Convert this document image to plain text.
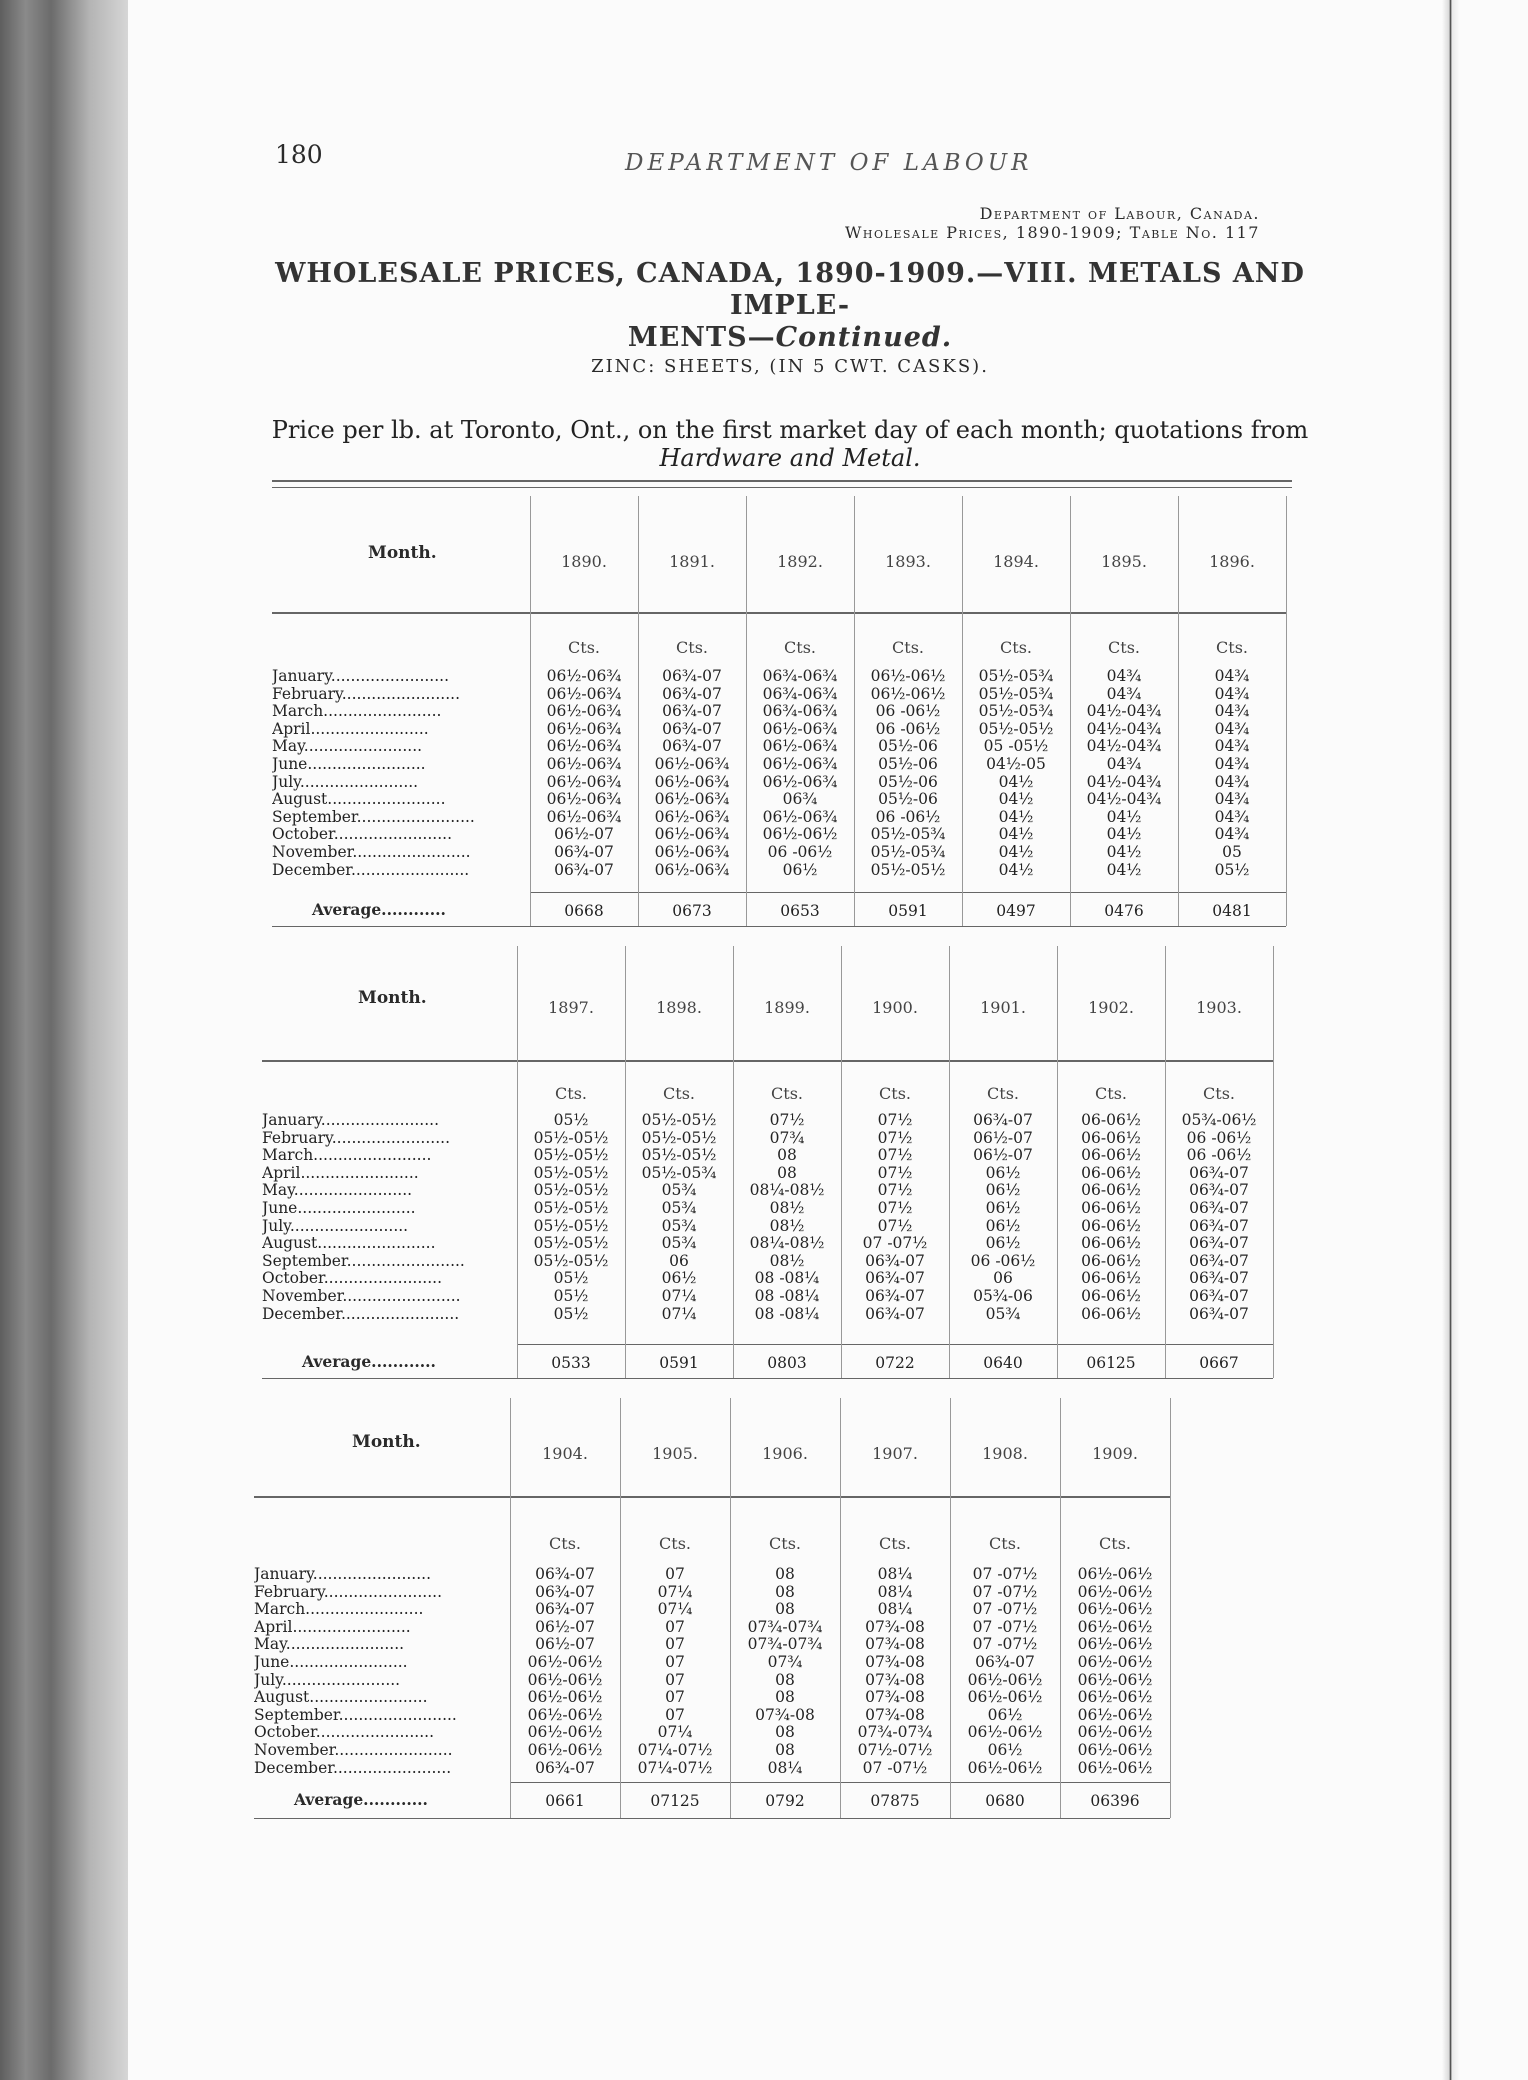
180	DEPARTMENT OF LABOUR
Department of Labour, Canada.
Wholesale Prices, 1890-1909; Table No. 117
WHOLESALE PRICES, CANADA, 1890-1909.—VIII. METALS AND IMPLE-
MENTS—Continued.
ZINC: SHEETS, (IN 5 CWT. CASKS).
Price per lb. at Toronto, Ont., on the first market day of each month; quotations from
Hardware and Metal.
Month.
January........................
February........................
March........................
April........................
May........................
June........................
July........................
August........................
September........................
October........................
November........................
December........................
Average............
1890.
Cts.
06½-06¾
06½-06¾
06½-06¾
06½-06¾
06½-06¾
06½-06¾
06½-06¾
06½-06¾
06½-06¾
06½-07
06¾-07
06¾-07
0668
1891.
Cts.
06¾-07
06¾-07
06¾-07
06¾-07
06¾-07
06½-06¾
06½-06¾
06½-06¾
06½-06¾
06½-06¾
06½-06¾
06½-06¾
0673
1892.
Cts.
06¾-06¾
06¾-06¾
06¾-06¾
06½-06¾
06½-06¾
06½-06¾
06½-06¾
06¾
06½-06¾
06½-06½
06 -06½
06½
0653
1893.
Cts.
06½-06½
06½-06½
06 -06½
06 -06½
05½-06
05½-06
05½-06
05½-06
06 -06½
05½-05¾
05½-05¾
05½-05½
0591
1894.
Cts.
05½-05¾
05½-05¾
05½-05¾
05½-05½
05 -05½
04½-05
04½
04½
04½
04½
04½
04½
0497
1895.
Cts.
04¾
04¾
04½-04¾
04½-04¾
04½-04¾
04¾
04½-04¾
04½-04¾
04½
04½
04½
04½
0476
1896.
Cts.
04¾
04¾
04¾
04¾
04¾
04¾
04¾
04¾
04¾
04¾
05
05½
0481
Month.
January........................
February........................
March........................
April........................
May........................
June........................
July........................
August........................
September........................
October........................
November........................
December........................
Average............
1897.
Cts.
05½
05½-05½
05½-05½
05½-05½
05½-05½
05½-05½
05½-05½
05½-05½
05½-05½
05½
05½
05½
0533
1898.
Cts.
05½-05½
05½-05½
05½-05½
05½-05¾
05¾
05¾
05¾
05¾
06
06½
07¼
07¼
0591
1899.
Cts.
07½
07¾
08
08
08¼-08½
08½
08½
08¼-08½
08½
08 -08¼
08 -08¼
08 -08¼
0803
1900.
Cts.
07½
07½
07½
07½
07½
07½
07½
07 -07½
06¾-07
06¾-07
06¾-07
06¾-07
0722
1901.
Cts.
06¾-07
06½-07
06½-07
06½
06½
06½
06½
06½
06 -06½
06
05¾-06
05¾
0640
1902.
Cts.
06-06½
06-06½
06-06½
06-06½
06-06½
06-06½
06-06½
06-06½
06-06½
06-06½
06-06½
06-06½
06125
1903.
Cts.
05¾-06½
06 -06½
06 -06½
06¾-07
06¾-07
06¾-07
06¾-07
06¾-07
06¾-07
06¾-07
06¾-07
06¾-07
0667
Month.
January........................
February........................
March........................
April........................
May........................
June........................
July........................
August........................
September........................
October........................
November........................
December........................
Average............
1904.
Cts.
06¾-07
06¾-07
06¾-07
06½-07
06½-07
06½-06½
06½-06½
06½-06½
06½-06½
06½-06½
06½-06½
06¾-07
0661
1905.
Cts.
07
07¼
07¼
07
07
07
07
07
07
07¼
07¼-07½
07¼-07½
07125
1906.
Cts.
08
08
08
07¾-07¾
07¾-07¾
07¾
08
08
07¾-08
08
08
08¼
0792
1907.
Cts.
08¼
08¼
08¼
07¾-08
07¾-08
07¾-08
07¾-08
07¾-08
07¾-08
07¾-07¾
07½-07½
07 -07½
07875
1908.
Cts.
07 -07½
07 -07½
07 -07½
07 -07½
07 -07½
06¾-07
06½-06½
06½-06½
06½
06½-06½
06½
06½-06½
0680
1909.
Cts.
06½-06½
06½-06½
06½-06½
06½-06½
06½-06½
06½-06½
06½-06½
06½-06½
06½-06½
06½-06½
06½-06½
06½-06½
06396
